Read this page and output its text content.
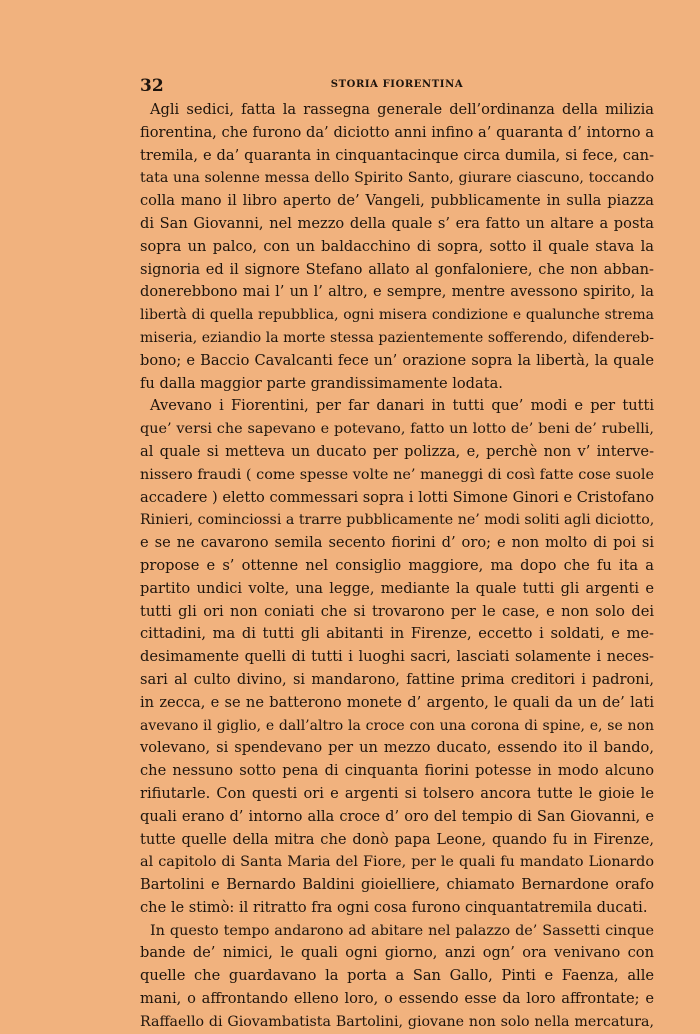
32	STORIA FIORENTINA
Agli sedici, fatta la rassegna generale dell’ordinanza della milizia
fiorentina, che furono da’ diciotto anni infino a’ quaranta d’ intorno a
tremila, e da’ quaranta in cinquantacinque circa dumila, si fece, can-
tata una solenne messa dello Spirito Santo, giurare ciascuno, toccando
colla mano il libro aperto de’ Vangeli, pubblicamente in sulla piazza
di San Giovanni, nel mezzo della quale s’ era fatto un altare a posta
sopra un palco, con un baldacchino di sopra, sotto il quale stava la
signoria ed il signore Stefano allato al gonfaloniere, che non abban-
donerebbono mai l’ un l’ altro, e sempre, mentre avessono spirito, la
libertà di quella repubblica, ogni misera condizione e qualunche strema
miseria, eziandio la morte stessa pazientemente sofferendo, difendereb-
bono; e Baccio Cavalcanti fece un’ orazione sopra la libertà, la quale
fu dalla maggior parte grandissimamente lodata.
Avevano i Fiorentini, per far danari in tutti que’ modi e per tutti
que’ versi che sapevano e potevano, fatto un lotto de’ beni de’ rubelli,
al quale si metteva un ducato per polizza, e, perchè non v’ interve-
nissero fraudi ( come spesse volte ne’ maneggi di così fatte cose suole
accadere ) eletto commessari sopra i lotti Simone Ginori e Cristofano
Rinieri, cominciossi a trarre pubblicamente ne’ modi soliti agli diciotto,
e se ne cavarono semila secento fiorini d’ oro; e non molto di poi si
propose e s’ ottenne nel consiglio maggiore, ma dopo che fu ita a
partito undici volte, una legge, mediante la quale tutti gli argenti e
tutti gli ori non coniati che si trovarono per le case, e non solo dei
cittadini, ma di tutti gli abitanti in Firenze, eccetto i soldati, e me-
desimamente quelli di tutti i luoghi sacri, lasciati solamente i neces-
sari al culto divino, si mandarono, fattine prima creditori i padroni,
in zecca, e se ne batterono monete d’ argento, le quali da un de’ lati
avevano il giglio, e dall’altro la croce con una corona di spine, e, se non
volevano, si spendevano per un mezzo ducato, essendo ito il bando,
che nessuno sotto pena di cinquanta fiorini potesse in modo alcuno
rifiutarle. Con questi ori e argenti si tolsero ancora tutte le gioie le
quali erano d’ intorno alla croce d’ oro del tempio di San Giovanni, e
tutte quelle della mitra che donò papa Leone, quando fu in Firenze,
al capitolo di Santa Maria del Fiore, per le quali fu mandato Lionardo
Bartolini e Bernardo Baldini gioielliere, chiamato Bernardone orafo
che le stimò: il ritratto fra ogni cosa furono cinquantatremila ducati.
In questo tempo andarono ad abitare nel palazzo de’ Sassetti cinque
bande de’ nimici, le quali ogni giorno, anzi ogn’ ora venivano con
quelle che guardavano la porta a San Gallo, Pinti e Faenza, alle
mani, o affrontando elleno loro, o essendo esse da loro affrontate; e
Raffaello di Giovambatista Bartolini, giovane non solo nella mercatura,
